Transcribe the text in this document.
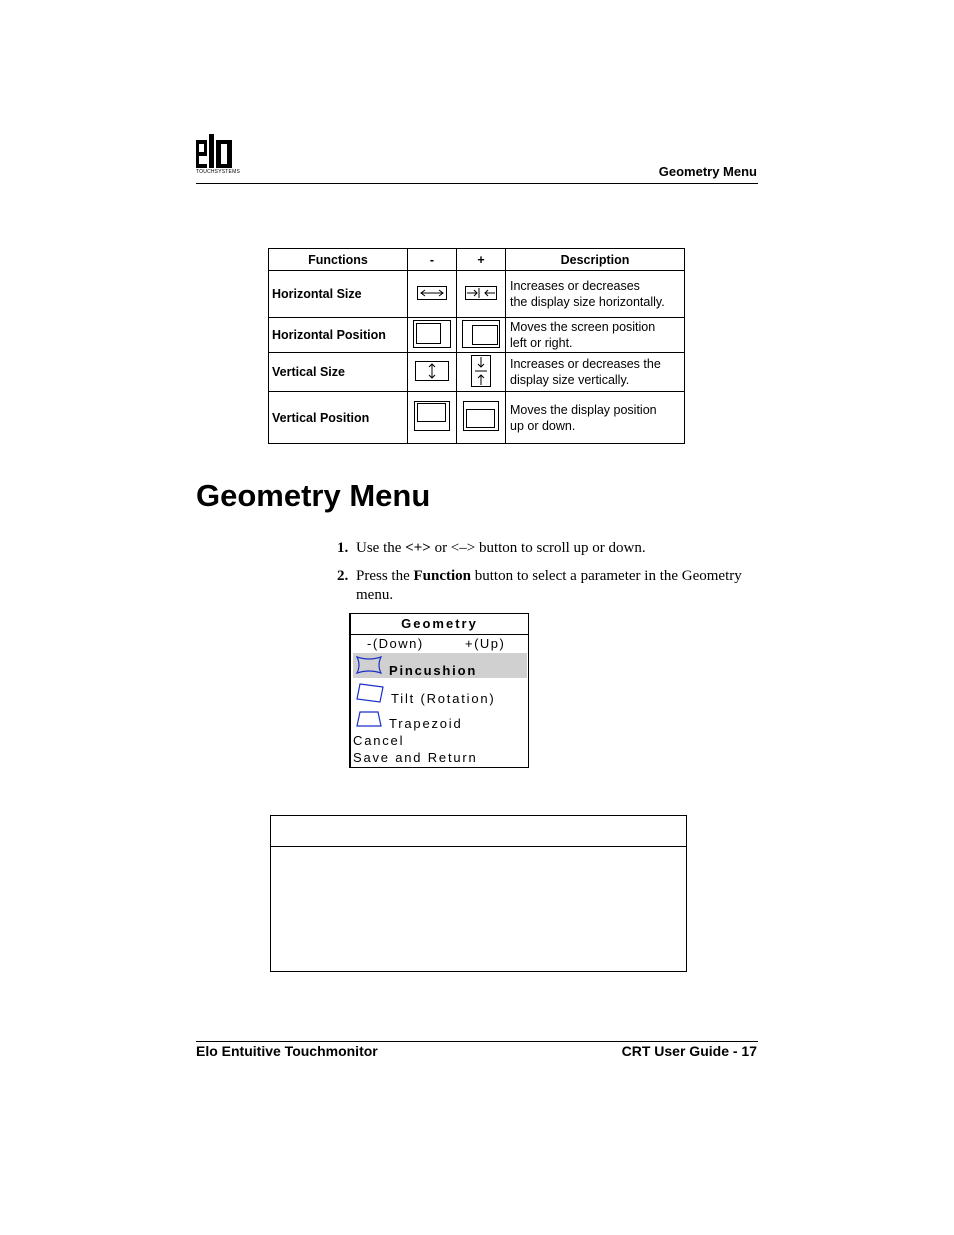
TOUCHSYSTEMS	Geometry Menu
Functions	-	+	Description
Horizontal Size			Increases or decreases
the display size horizontally.
Horizontal Position			Moves the screen position
left or right.
Vertical Size			Increases or decreases the
display size vertically.
Vertical Position			Moves the display position
up or down.
Geometry Menu
1. Use the <+> or <–> button to scroll up or down.
2. Press the Function button to select a parameter in the Geometry
menu.
Geometry
-(Down)	+(Up)
Pincushion
Tilt (Rotation)
Trapezoid
Cancel
Save and Return
Elo Entuitive Touchmonitor	CRT User Guide - 17
